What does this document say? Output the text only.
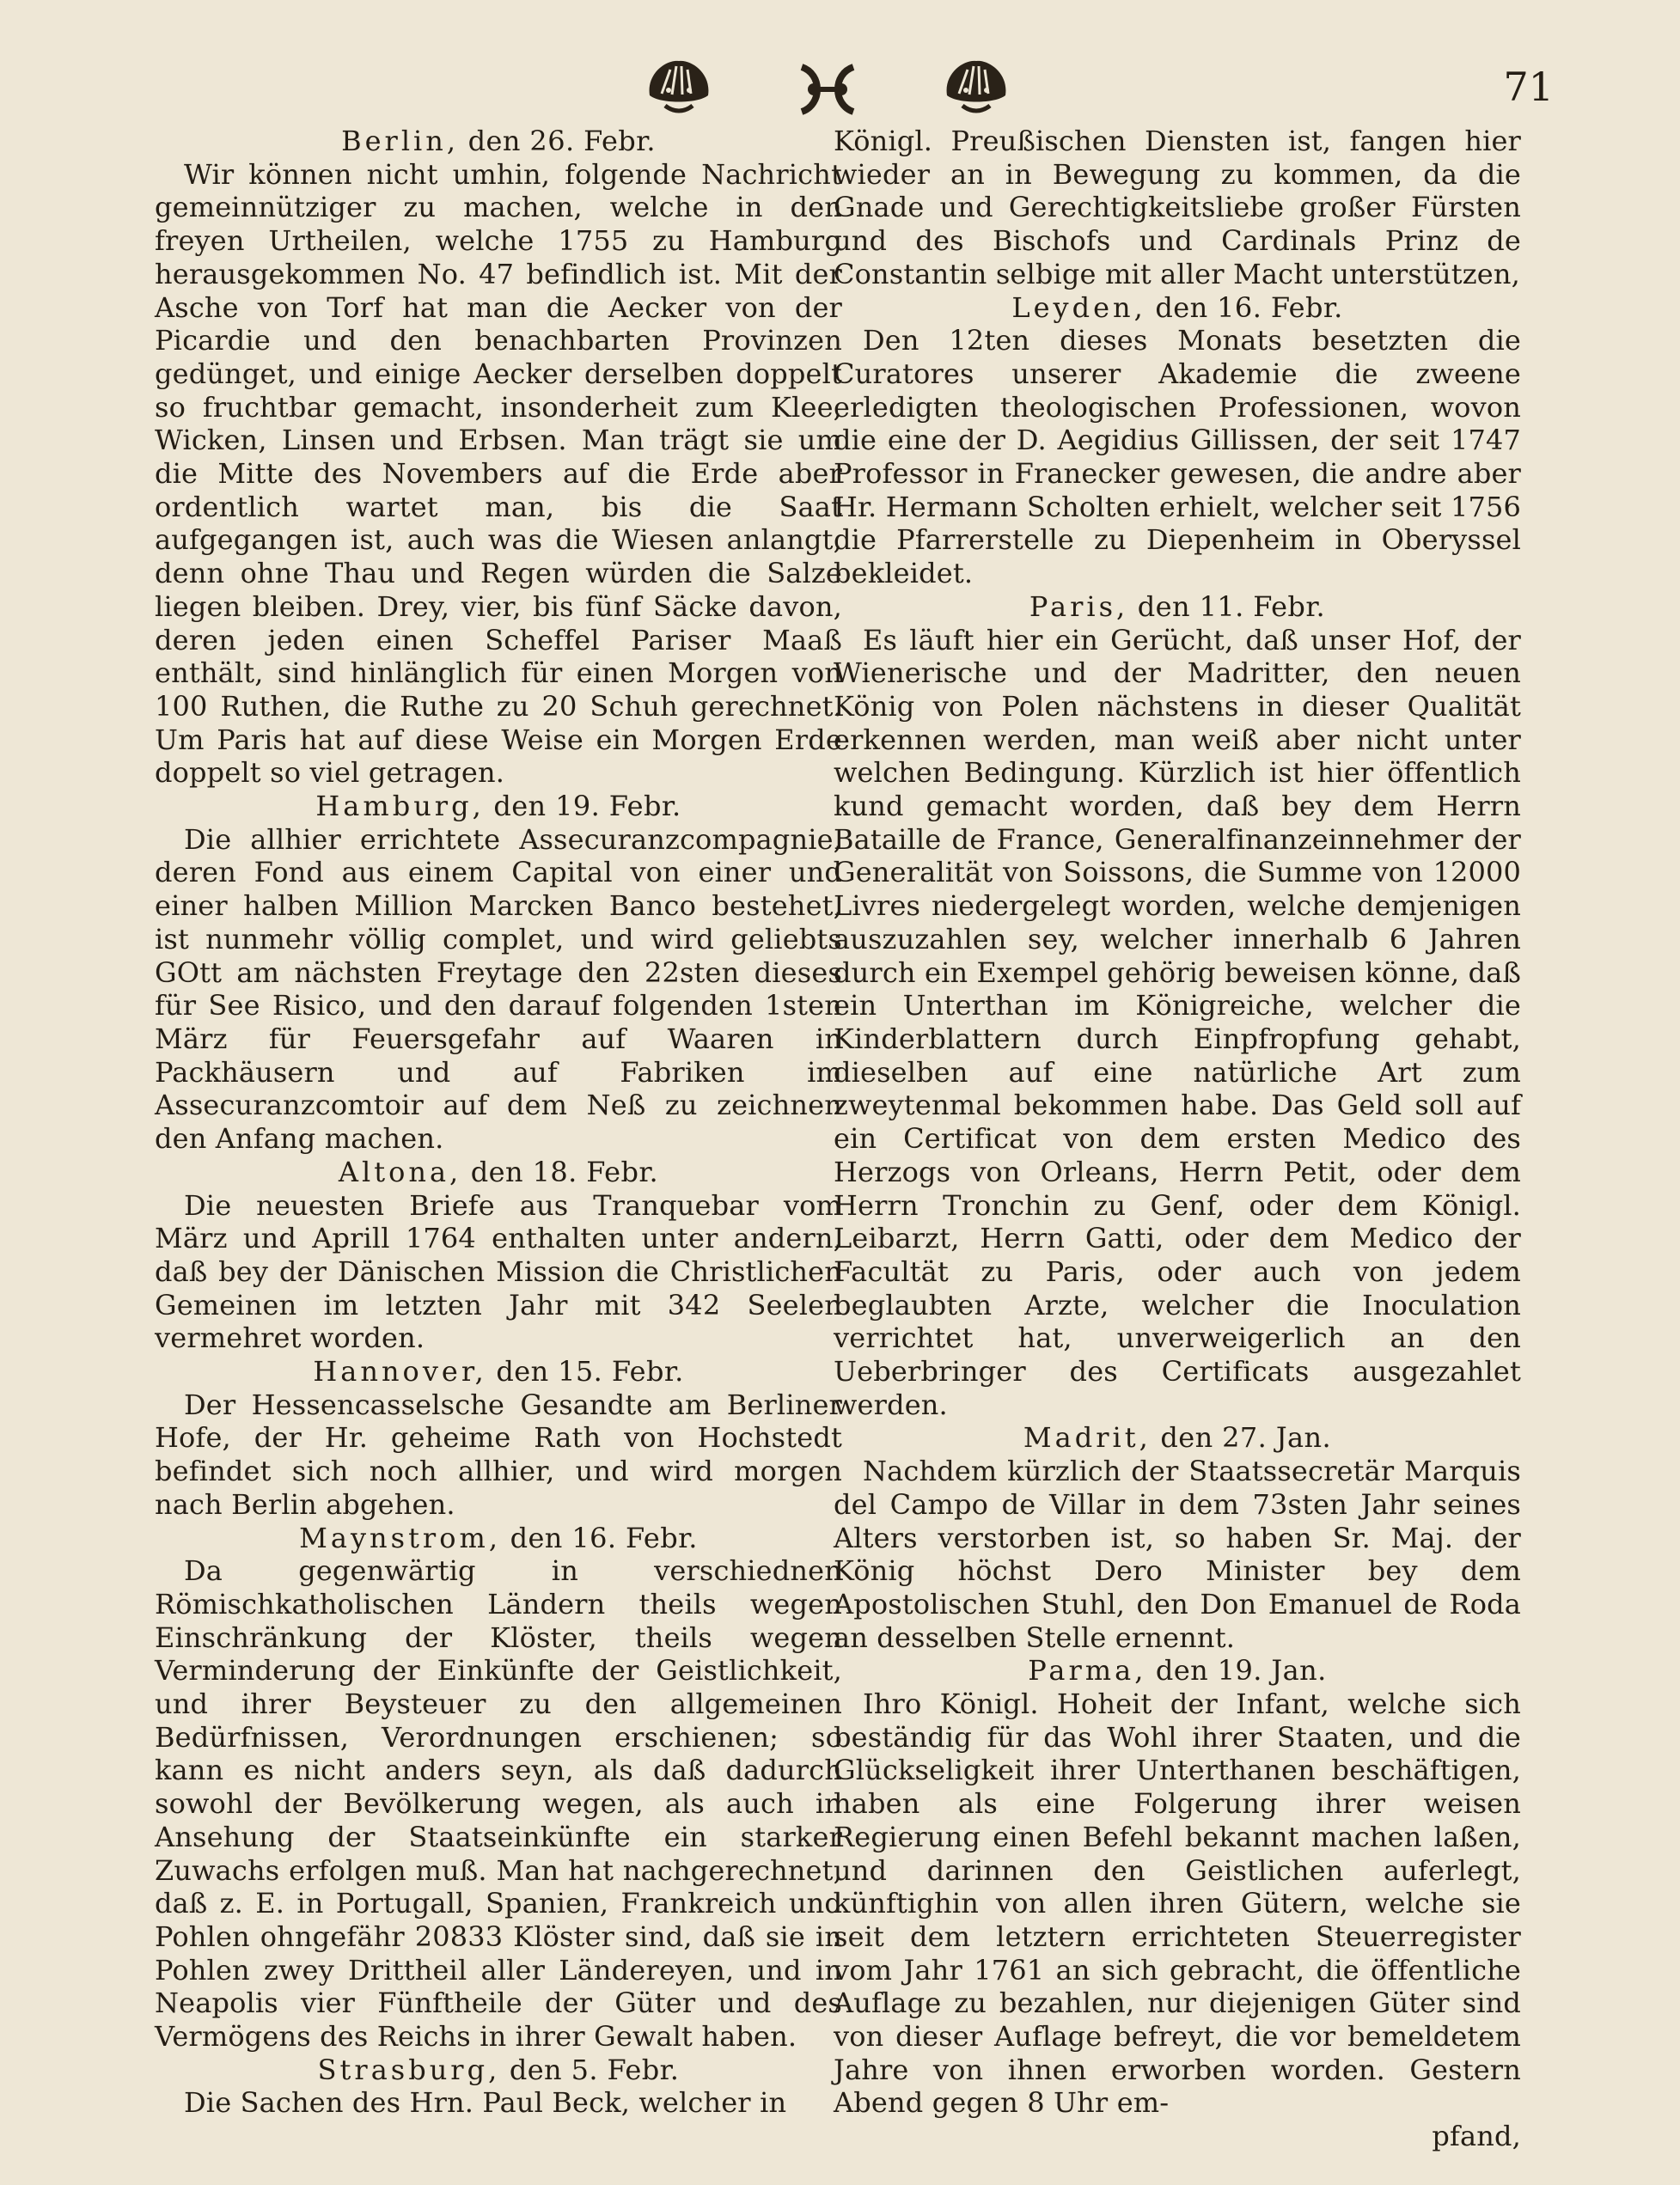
71
Berlin, den 26. Febr.

Wir können nicht umhin, folgende Nachricht gemeinnütziger zu machen, welche in den freyen Urtheilen, welche 1755 zu Hamburg herausgekommen No. 47 befindlich ist. Mit der Asche von Torf hat man die Aecker von der Picardie und den benachbarten Provinzen gedünget, und einige Aecker derselben doppelt so fruchtbar gemacht, insonderheit zum Klee, Wicken, Linsen und Erbsen. Man trägt sie um die Mitte des Novembers auf die Erde aber ordentlich wartet man, bis die Saat aufgegangen ist, auch was die Wiesen anlangt, denn ohne Thau und Regen würden die Salze liegen bleiben. Drey, vier, bis fünf Säcke davon, deren jeden einen Scheffel Pariser Maaß enthält, sind hinlänglich für einen Morgen von 100 Ruthen, die Ruthe zu 20 Schuh gerechnet. Um Paris hat auf diese Weise ein Morgen Erde doppelt so viel getragen.

Hamburg, den 19. Febr.

Die allhier errichtete Assecuranzcompagnie, deren Fond aus einem Capital von einer und einer halben Million Marcken Banco bestehet, ist nunmehr völlig complet, und wird geliebts GOtt am nächsten Freytage den 22sten dieses für See Risico, und den darauf folgenden 1sten März für Feuersgefahr auf Waaren in Packhäusern und auf Fabriken im Assecuranzcomtoir auf dem Neß zu zeichnen den Anfang machen.

Altona, den 18. Febr.

Die neuesten Briefe aus Tranquebar vom März und Aprill 1764 enthalten unter andern, daß bey der Dänischen Mission die Christlichen Gemeinen im letzten Jahr mit 342 Seelen vermehret worden.

Hannover, den 15. Febr.

Der Hessencasselsche Gesandte am Berliner Hofe, der Hr. geheime Rath von Hochstedt befindet sich noch allhier, und wird morgen nach Berlin abgehen.

Maynstrom, den 16. Febr.

Da gegenwärtig in verschiednen Römischkatholischen Ländern theils wegen Einschränkung der Klöster, theils wegen Verminderung der Einkünfte der Geistlichkeit, und ihrer Beysteuer zu den allgemeinen Bedürfnissen, Verordnungen erschienen; so kann es nicht anders seyn, als daß dadurch sowohl der Bevölkerung wegen, als auch in Ansehung der Staatseinkünfte ein starker Zuwachs erfolgen muß. Man hat nachgerechnet, daß z. E. in Portugall, Spanien, Frankreich und Pohlen ohngefähr 20833 Klöster sind, daß sie in Pohlen zwey Drittheil aller Ländereyen, und in Neapolis vier Fünftheile der Güter und des Vermögens des Reichs in ihrer Gewalt haben.

Strasburg, den 5. Febr.

Die Sachen des Hrn. Paul Beck, welcher in

Königl. Preußischen Diensten ist, fangen hier wieder an in Bewegung zu kommen, da die Gnade und Gerechtigkeitsliebe großer Fürsten und des Bischofs und Cardinals Prinz de Constantin selbige mit aller Macht unterstützen,

Leyden, den 16. Febr.

Den 12ten dieses Monats besetzten die Curatores unserer Akademie die zweene erledigten theologischen Professionen, wovon die eine der D. Aegidius Gillissen, der seit 1747 Professor in Franecker gewesen, die andre aber Hr. Hermann Scholten erhielt, welcher seit 1756 die Pfarrerstelle zu Diepenheim in Oberyssel bekleidet.

Paris, den 11. Febr.

Es läuft hier ein Gerücht, daß unser Hof, der Wienerische und der Madritter, den neuen König von Polen nächstens in dieser Qualität erkennen werden, man weiß aber nicht unter welchen Bedingung. Kürzlich ist hier öffentlich kund gemacht worden, daß bey dem Herrn Bataille de France, Generalfinanzeinnehmer der Generalität von Soissons, die Summe von 12000 Livres niedergelegt worden, welche demjenigen auszuzahlen sey, welcher innerhalb 6 Jahren durch ein Exempel gehörig beweisen könne, daß ein Unterthan im Königreiche, welcher die Kinderblattern durch Einpfropfung gehabt, dieselben auf eine natürliche Art zum zweytenmal bekommen habe. Das Geld soll auf ein Certificat von dem ersten Medico des Herzogs von Orleans, Herrn Petit, oder dem Herrn Tronchin zu Genf, oder dem Königl. Leibarzt, Herrn Gatti, oder dem Medico der Facultät zu Paris, oder auch von jedem beglaubten Arzte, welcher die Inoculation verrichtet hat, unverweigerlich an den Ueberbringer des Certificats ausgezahlet werden.

Madrit, den 27. Jan.

Nachdem kürzlich der Staatssecretär Marquis del Campo de Villar in dem 73sten Jahr seines Alters verstorben ist, so haben Sr. Maj. der König höchst Dero Minister bey dem Apostolischen Stuhl, den Don Emanuel de Roda an desselben Stelle ernennt.

Parma, den 19. Jan.

Ihro Königl. Hoheit der Infant, welche sich beständig für das Wohl ihrer Staaten, und die Glückseligkeit ihrer Unterthanen beschäftigen, haben als eine Folgerung ihrer weisen Regierung einen Befehl bekannt machen laßen, und darinnen den Geistlichen auferlegt, künftighin von allen ihren Gütern, welche sie seit dem letztern errichteten Steuerregister vom Jahr 1761 an sich gebracht, die öffentliche Auflage zu bezahlen, nur diejenigen Güter sind von dieser Auflage befreyt, die vor bemeldetem Jahre von ihnen erworben worden. Gestern Abend gegen 8 Uhr em-

pfand,
